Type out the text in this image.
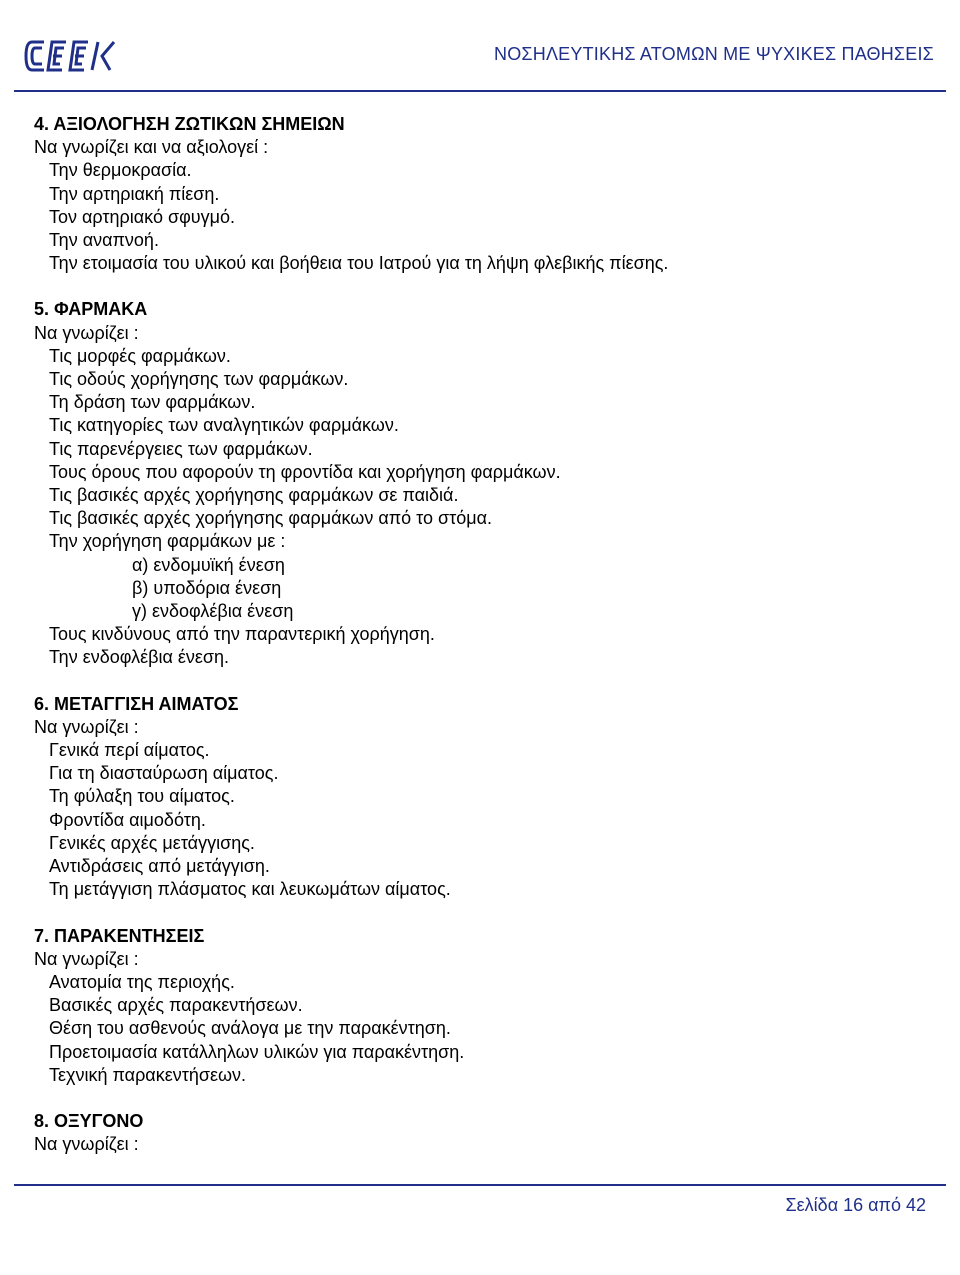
ΝΟΣΗΛΕΥΤΙΚΗΣ ΑΤΟΜΩΝ ΜΕ ΨΥΧΙΚΕΣ ΠΑΘΗΣΕΙΣ
4. ΑΞΙΟΛΟΓΗΣΗ ΖΩΤΙΚΩΝ ΣΗΜΕΙΩΝ
Να γνωρίζει και να αξιολογεί :
Την θερμοκρασία.
Την αρτηριακή πίεση.
Τον αρτηριακό σφυγμό.
Την αναπνοή.
Την ετοιμασία του υλικού και βοήθεια του Ιατρού για τη λήψη φλεβικής πίεσης.
5. ΦΑΡΜΑΚΑ
Να γνωρίζει :
Τις μορφές φαρμάκων.
Τις οδούς χορήγησης των φαρμάκων.
Τη δράση των φαρμάκων.
Τις κατηγορίες των αναλγητικών φαρμάκων.
Τις παρενέργειες των φαρμάκων.
Τους όρους που αφορούν τη φροντίδα και χορήγηση φαρμάκων.
Τις βασικές αρχές χορήγησης φαρμάκων σε παιδιά.
Τις βασικές αρχές χορήγησης φαρμάκων από το στόμα.
Την χορήγηση φαρμάκων με :
α) ενδομυϊκή ένεση
β) υποδόρια ένεση
γ) ενδοφλέβια ένεση
Τους κινδύνους από την παραντερική χορήγηση.
Την ενδοφλέβια ένεση.
6. ΜΕΤΑΓΓΙΣΗ ΑΙΜΑΤΟΣ
Να γνωρίζει :
Γενικά περί αίματος.
Για τη διασταύρωση αίματος.
Τη φύλαξη του αίματος.
Φροντίδα αιμοδότη.
Γενικές αρχές μετάγγισης.
Αντιδράσεις από μετάγγιση.
Τη μετάγγιση πλάσματος και λευκωμάτων αίματος.
7. ΠΑΡΑΚΕΝΤΗΣΕΙΣ
Να γνωρίζει :
Ανατομία της περιοχής.
Βασικές αρχές παρακεντήσεων.
Θέση του ασθενούς ανάλογα με την παρακέντηση.
Προετοιμασία κατάλληλων υλικών για παρακέντηση.
Τεχνική παρακεντήσεων.
8. ΟΞΥΓΟΝΟ
Να γνωρίζει :
Σελίδα 16 από 42
